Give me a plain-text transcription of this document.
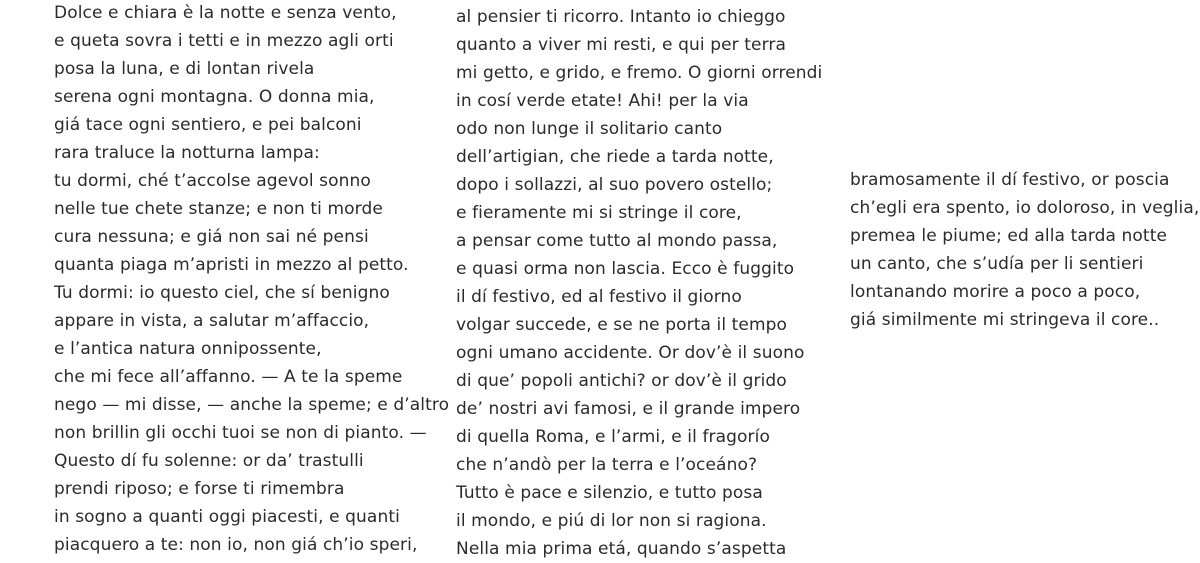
Dolce e chiara è la notte e senza vento,
e queta sovra i tetti e in mezzo agli orti
posa la luna, e di lontan rivela
serena ogni montagna. O donna mia,
giá tace ogni sentiero, e pei balconi
rara traluce la notturna lampa:
tu dormi, ché t’accolse agevol sonno
nelle tue chete stanze; e non ti morde
cura nessuna; e giá non sai né pensi
quanta piaga m’apristi in mezzo al petto.
Tu dormi: io questo ciel, che sí benigno
appare in vista, a salutar m’affaccio,
e l’antica natura onnipossente,
che mi fece all’affanno. — A te la speme
nego — mi disse, — anche la speme; e d’altro
non brillin gli occhi tuoi se non di pianto. —
Questo dí fu solenne: or da’ trastulli
prendi riposo; e forse ti rimembra
in sogno a quanti oggi piacesti, e quanti
piacquero a te: non io, non giá ch’io speri,
al pensier ti ricorro. Intanto io chieggo
quanto a viver mi resti, e qui per terra
mi getto, e grido, e fremo. O giorni orrendi
in cosí verde etate! Ahi! per la via
odo non lunge il solitario canto
dell’artigian, che riede a tarda notte,
dopo i sollazzi, al suo povero ostello;
e fieramente mi si stringe il core,
a pensar come tutto al mondo passa,
e quasi orma non lascia. Ecco è fuggito
il dí festivo, ed al festivo il giorno
volgar succede, e se ne porta il tempo
ogni umano accidente. Or dov’è il suono
di que’ popoli antichi? or dov’è il grido
de’ nostri avi famosi, e il grande impero
di quella Roma, e l’armi, e il fragorío
che n’andò per la terra e l’oceáno?
Tutto è pace e silenzio, e tutto posa
il mondo, e piú di lor non si ragiona.
Nella mia prima etá, quando s’aspetta
bramosamente il dí festivo, or poscia
ch’egli era spento, io doloroso, in veglia,
premea le piume; ed alla tarda notte
un canto, che s’udía per li sentieri
lontanando morire a poco a poco,
giá similmente mi stringeva il core..
